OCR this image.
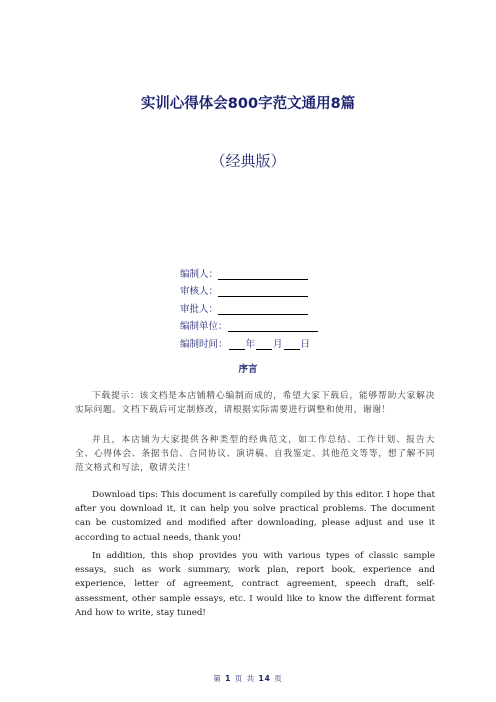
实训心得体会800字范文通用8篇
（经典版）
编制人：
审核人：
审批人：
编制单位：
编制时间： 年 月 日
序言
下载提示：该文档是本店铺精心编制而成的，希望大家下载后，能够帮助大家解决实际问题。文档下载后可定制修改，请根据实际需要进行调整和使用，谢谢！
并且，本店铺为大家提供各种类型的经典范文，如工作总结、工作计划、报告大全、心得体会、条据书信、合同协议、演讲稿、自我鉴定、其他范文等等，想了解不同范文格式和写法，敬请关注！
Download tips: This document is carefully compiled by this editor. I hope that after you download it, it can help you solve practical problems. The document can be customized and modified after downloading, please adjust and use it according to actual needs, thank you!
In addition, this shop provides you with various types of classic sample essays, such as work summary, work plan, report book, experience and experience, letter of agreement, contract agreement, speech draft, self-assessment, other sample essays, etc. I would like to know the different format And how to write, stay tuned!
第 1 页 共 14 页
